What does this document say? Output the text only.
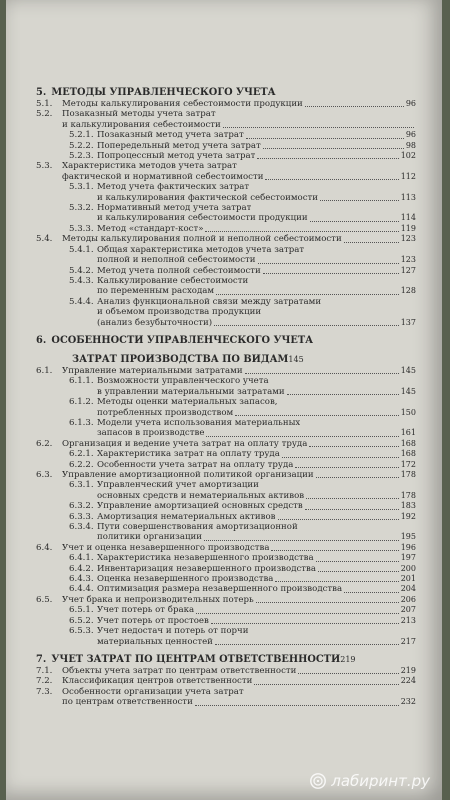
5.
МЕТОДЫ УПРАВЛЕНЧЕСКОГО УЧЕТА
5.1.	Методы калькулирования себестоимости продукции	96
5.2.	Позаказный методы учета затрат
и калькулирования себестоимости
5.2.1. Позаказный метод учета затрат	96
5.2.2. Попередельный метод учета затрат	98
5.2.3. Попроцессный метод учета затрат	102
5.3.	Характеристика методов учета затрат
фактической и нормативной себестоимости	112
5.3.1. Метод учета фактических затрат
и калькулирования фактической себестоимости	113
5.3.2. Нормативный метод учета затрат
и калькулирования себестоимости продукции	114
5.3.3. Метод «стандарт-кост»	119
5.4.	Методы калькулирования полной и неполной себестоимости	123
5.4.1. Общая характеристика методов учета затрат
полной и неполной себестоимости	123
5.4.2. Метод учета полной себестоимости	127
5.4.3. Калькулирование себестоимости
по переменным расходам	128
5.4.4. Анализ функциональной связи между затратами
и объемом производства продукции
(анализ безубыточности)	137
6.
ОСОБЕННОСТИ УПРАВЛЕНЧЕСКОГО УЧЕТА
ЗАТРАТ ПРОИЗВОДСТВА ПО ВИДАМ 145
6.1.	Управление материальными затратами	145
6.1.1. Возможности управленческого учета
в управлении материальными затратами	145
6.1.2. Методы оценки материальных запасов,
потребленных производством	150
6.1.3. Модели учета использования материальных
запасов в производстве	161
6.2.	Организация и ведение учета затрат на оплату труда	168
6.2.1. Характеристика затрат на оплату труда	168
6.2.2. Особенности учета затрат на оплату труда	172
6.3.	Управление амортизационной политикой организации	178
6.3.1. Управленческий учет амортизации
основных средств и нематериальных активов	178
6.3.2. Управление амортизацией основных средств	183
6.3.3. Амортизация нематериальных активов	192
6.3.4. Пути совершенствования амортизационной
политики организации	195
6.4.	Учет и оценка незавершенного производства	196
6.4.1. Характеристика незавершенного производства	197
6.4.2. Инвентаризация незавершенного производства	200
6.4.3. Оценка незавершенного производства	201
6.4.4. Оптимизация размера незавершенного производства	204
6.5.	Учет брака и непроизводительных потерь	206
6.5.1. Учет потерь от брака	207
6.5.2. Учет потерь от простоев	213
6.5.3. Учет недостач и потерь от порчи
материальных ценностей	217
7.
УЧЕТ ЗАТРАТ ПО ЦЕНТРАМ ОТВЕТСТВЕННОСТИ 219
7.1.	Объекты учета затрат по центрам ответственности	219
7.2.	Классификация центров ответственности	224
7.3.	Особенности организации учета затрат
по центрам ответственности	232
лабиринт.ру
